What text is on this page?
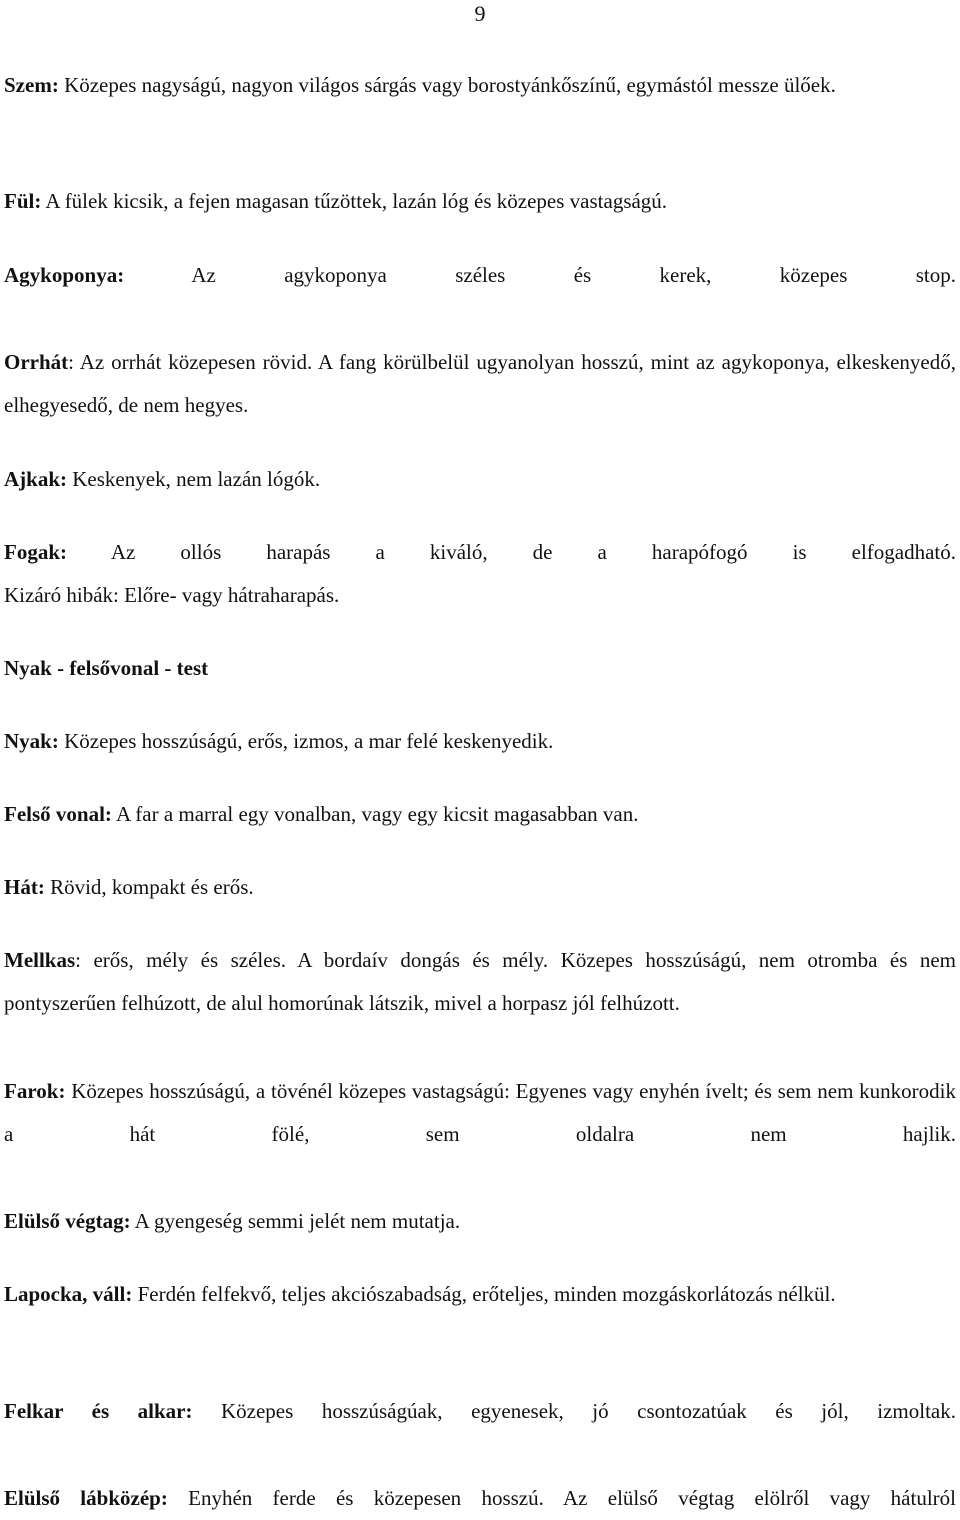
9

Szem: Közepes nagyságú, nagyon világos sárgás vagy borostyánkőszínű, egymástól messze ülőek.

Fül: A fülek kicsik, a fejen magasan tűzöttek, lazán lóg és közepes vastagságú.

Agykoponya: Az agykoponya széles és kerek, közepes stop.

Orrhát: Az orrhát közepesen rövid. A fang körülbelül ugyanolyan hosszú, mint az agykoponya, elkeskenyedő, elhegyesedő, de nem hegyes.

Ajkak: Keskenyek, nem lazán lógók.

Fogak: Az ollós harapás a kiváló, de a harapófogó is elfogadható.

Kizáró hibák: Előre- vagy hátraharapás.

Nyak - felsővonal - test

Nyak: Közepes hosszúságú, erős, izmos, a mar felé keskenyedik.

Felső vonal: A far a marral egy vonalban, vagy egy kicsit magasabban van.

Hát: Rövid, kompakt és erős.

Mellkas: erős, mély és széles. A bordaív dongás és mély. Közepes hosszúságú, nem otromba és nem pontyszerűen felhúzott, de alul homorúnak látszik, mivel a horpasz jól felhúzott.

Farok: Közepes hosszúságú, a tövénél közepes vastagságú: Egyenes vagy enyhén ívelt; és sem nem kunkorodik a hát fölé, sem oldalra nem hajlik.

Elülső végtag: A gyengeség semmi jelét nem mutatja.

Lapocka, váll: Ferdén felfekvő, teljes akciószabadság, erőteljes, minden mozgáskorlátozás nélkül.

Felkar és alkar: Közepes hosszúságúak, egyenesek, jó csontozatúak és jól, izmoltak.

Elülső lábközép: Enyhén ferde és közepesen hosszú. Az elülső végtag elölről vagy hátulról
